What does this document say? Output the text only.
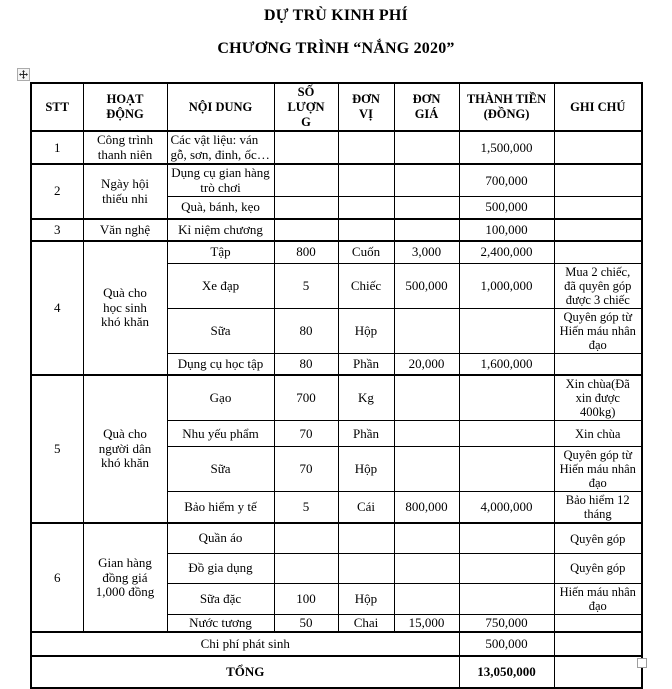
DỰ TRÙ KINH PHÍ
CHƯƠNG TRÌNH “NẮNG 2020”
STT	HOẠT ĐỘNG	NỘI DUNG	SỐ LƯỢNG	ĐƠN VỊ	ĐƠN GIÁ	THÀNH TIỀN (ĐỒNG)	GHI CHÚ
1	Công trình thanh niên	Các vật liệu: ván gỗ, sơn, đinh, ốc…				1,500,000	
2	Ngày hội thiếu nhi	Dụng cụ gian hàng trò chơi				700,000	
		Quà, bánh, kẹo				500,000	
3	Văn nghệ	Kỉ niệm chương				100,000	
4	Quà cho học sinh khó khăn	Tập	800	Cuốn	3,000	2,400,000	
		Xe đạp	5	Chiếc	500,000	1,000,000	Mua 2 chiếc, đã quyên góp được 3 chiếc
		Sữa	80	Hộp			Quyên góp từ Hiến máu nhân đạo
		Dụng cụ học tập	80	Phần	20,000	1,600,000	
5	Quà cho người dân khó khăn	Gạo	700	Kg			Xin chùa(Đã xin được 400kg)
		Nhu yếu phẩm	70	Phần			Xin chùa
		Sữa	70	Hộp			Quyên góp từ Hiến máu nhân đạo
		Bảo hiểm y tế	5	Cái	800,000	4,000,000	Bảo hiểm 12 tháng
6	Gian hàng đồng giá 1,000 đồng	Quần áo					Quyên góp
		Đồ gia dụng					Quyên góp
		Sữa đặc	100	Hộp			Hiến máu nhân đạo
		Nước tương	50	Chai	15,000	750,000	
Chi phí phát sinh						500,000	
TỔNG						13,050,000	
